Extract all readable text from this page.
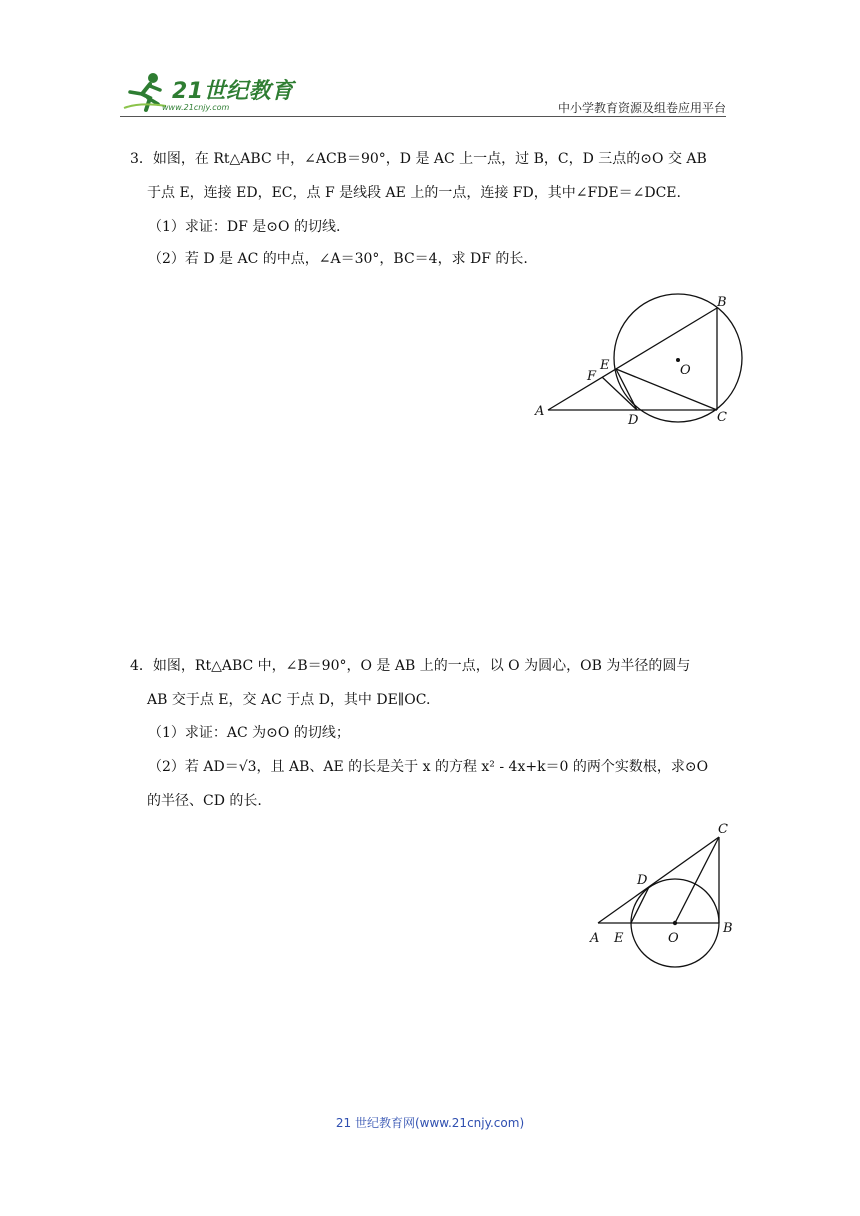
21世纪教育
www.21cnjy.com	中小学教育资源及组卷应用平台
3．如图，在 Rt△ABC 中，∠ACB＝90°，D 是 AC 上一点，过 B，C，D 三点的⊙O 交 AB
于点 E，连接 ED，EC，点 F 是线段 AE 上的一点，连接 FD，其中∠FDE＝∠DCE.
（1）求证：DF 是⊙O 的切线.
（2）若 D 是 AC 的中点，∠A＝30°，BC＝4，求 DF 的长.
A
B
C
D
E
F	O
4．如图，Rt△ABC 中，∠B＝90°，O 是 AB 上的一点，以 O 为圆心，OB 为半径的圆与
AB 交于点 E，交 AC 于点 D，其中 DE∥OC.
（1）求证：AC 为⊙O 的切线；
（2）若 AD＝√3，且 AB、AE 的长是关于 x 的方程 x² - 4x+k＝0 的两个实数根，求⊙O
的半径、CD 的长.
A
B
C
D
E	O
21 世纪教育网(www.21cnjy.com)
